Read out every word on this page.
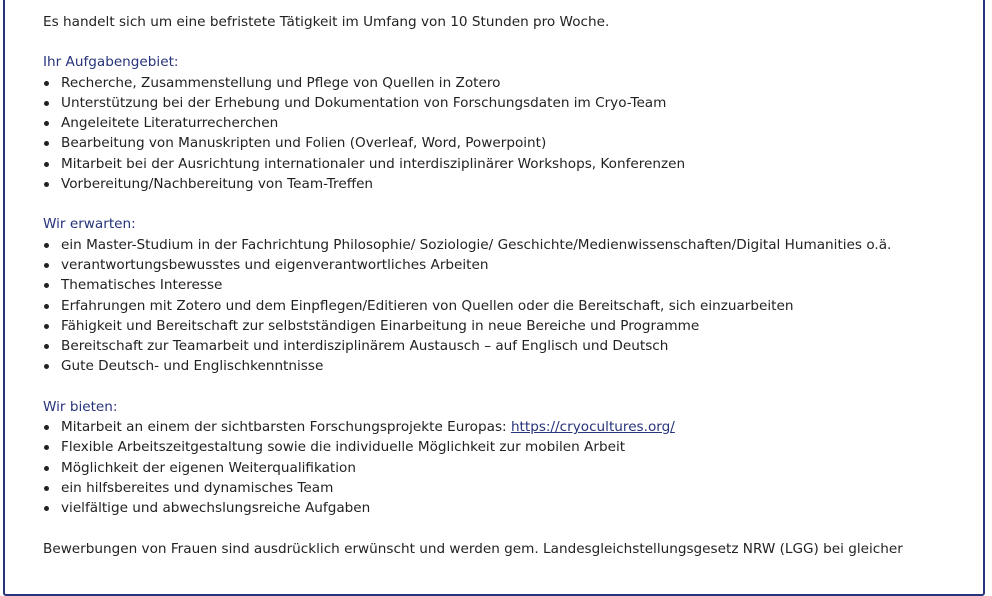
Es handelt sich um eine befristete Tätigkeit im Umfang von 10 Stunden pro Woche.

Ihr Aufgabengebiet:

Recherche, Zusammenstellung und Pflege von Quellen in Zotero
Unterstützung bei der Erhebung und Dokumentation von Forschungsdaten im Cryo-Team
Angeleitete Literaturrecherchen
Bearbeitung von Manuskripten und Folien (Overleaf, Word, Powerpoint)
Mitarbeit bei der Ausrichtung internationaler und interdisziplinärer Workshops, Konferenzen
Vorbereitung/Nachbereitung von Team-Treffen

Wir erwarten:

ein Master-Studium in der Fachrichtung Philosophie/ Soziologie/ Geschichte/Medienwissenschaften/Digital Humanities o.ä.
verantwortungsbewusstes und eigenverantwortliches Arbeiten
Thematisches Interesse
Erfahrungen mit Zotero und dem Einpflegen/Editieren von Quellen oder die Bereitschaft, sich einzuarbeiten
Fähigkeit und Bereitschaft zur selbstständigen Einarbeitung in neue Bereiche und Programme
Bereitschaft zur Teamarbeit und interdisziplinärem Austausch – auf Englisch und Deutsch
Gute Deutsch- und Englischkenntnisse

Wir bieten:

Mitarbeit an einem der sichtbarsten Forschungsprojekte Europas: https://cryocultures.org/
Flexible Arbeitszeitgestaltung sowie die individuelle Möglichkeit zur mobilen Arbeit
Möglichkeit der eigenen Weiterqualifikation
ein hilfsbereites und dynamisches Team
vielfältige und abwechslungsreiche Aufgaben

Bewerbungen von Frauen sind ausdrücklich erwünscht und werden gem. Landesgleichstellungsgesetz NRW (LGG) bei gleicher
